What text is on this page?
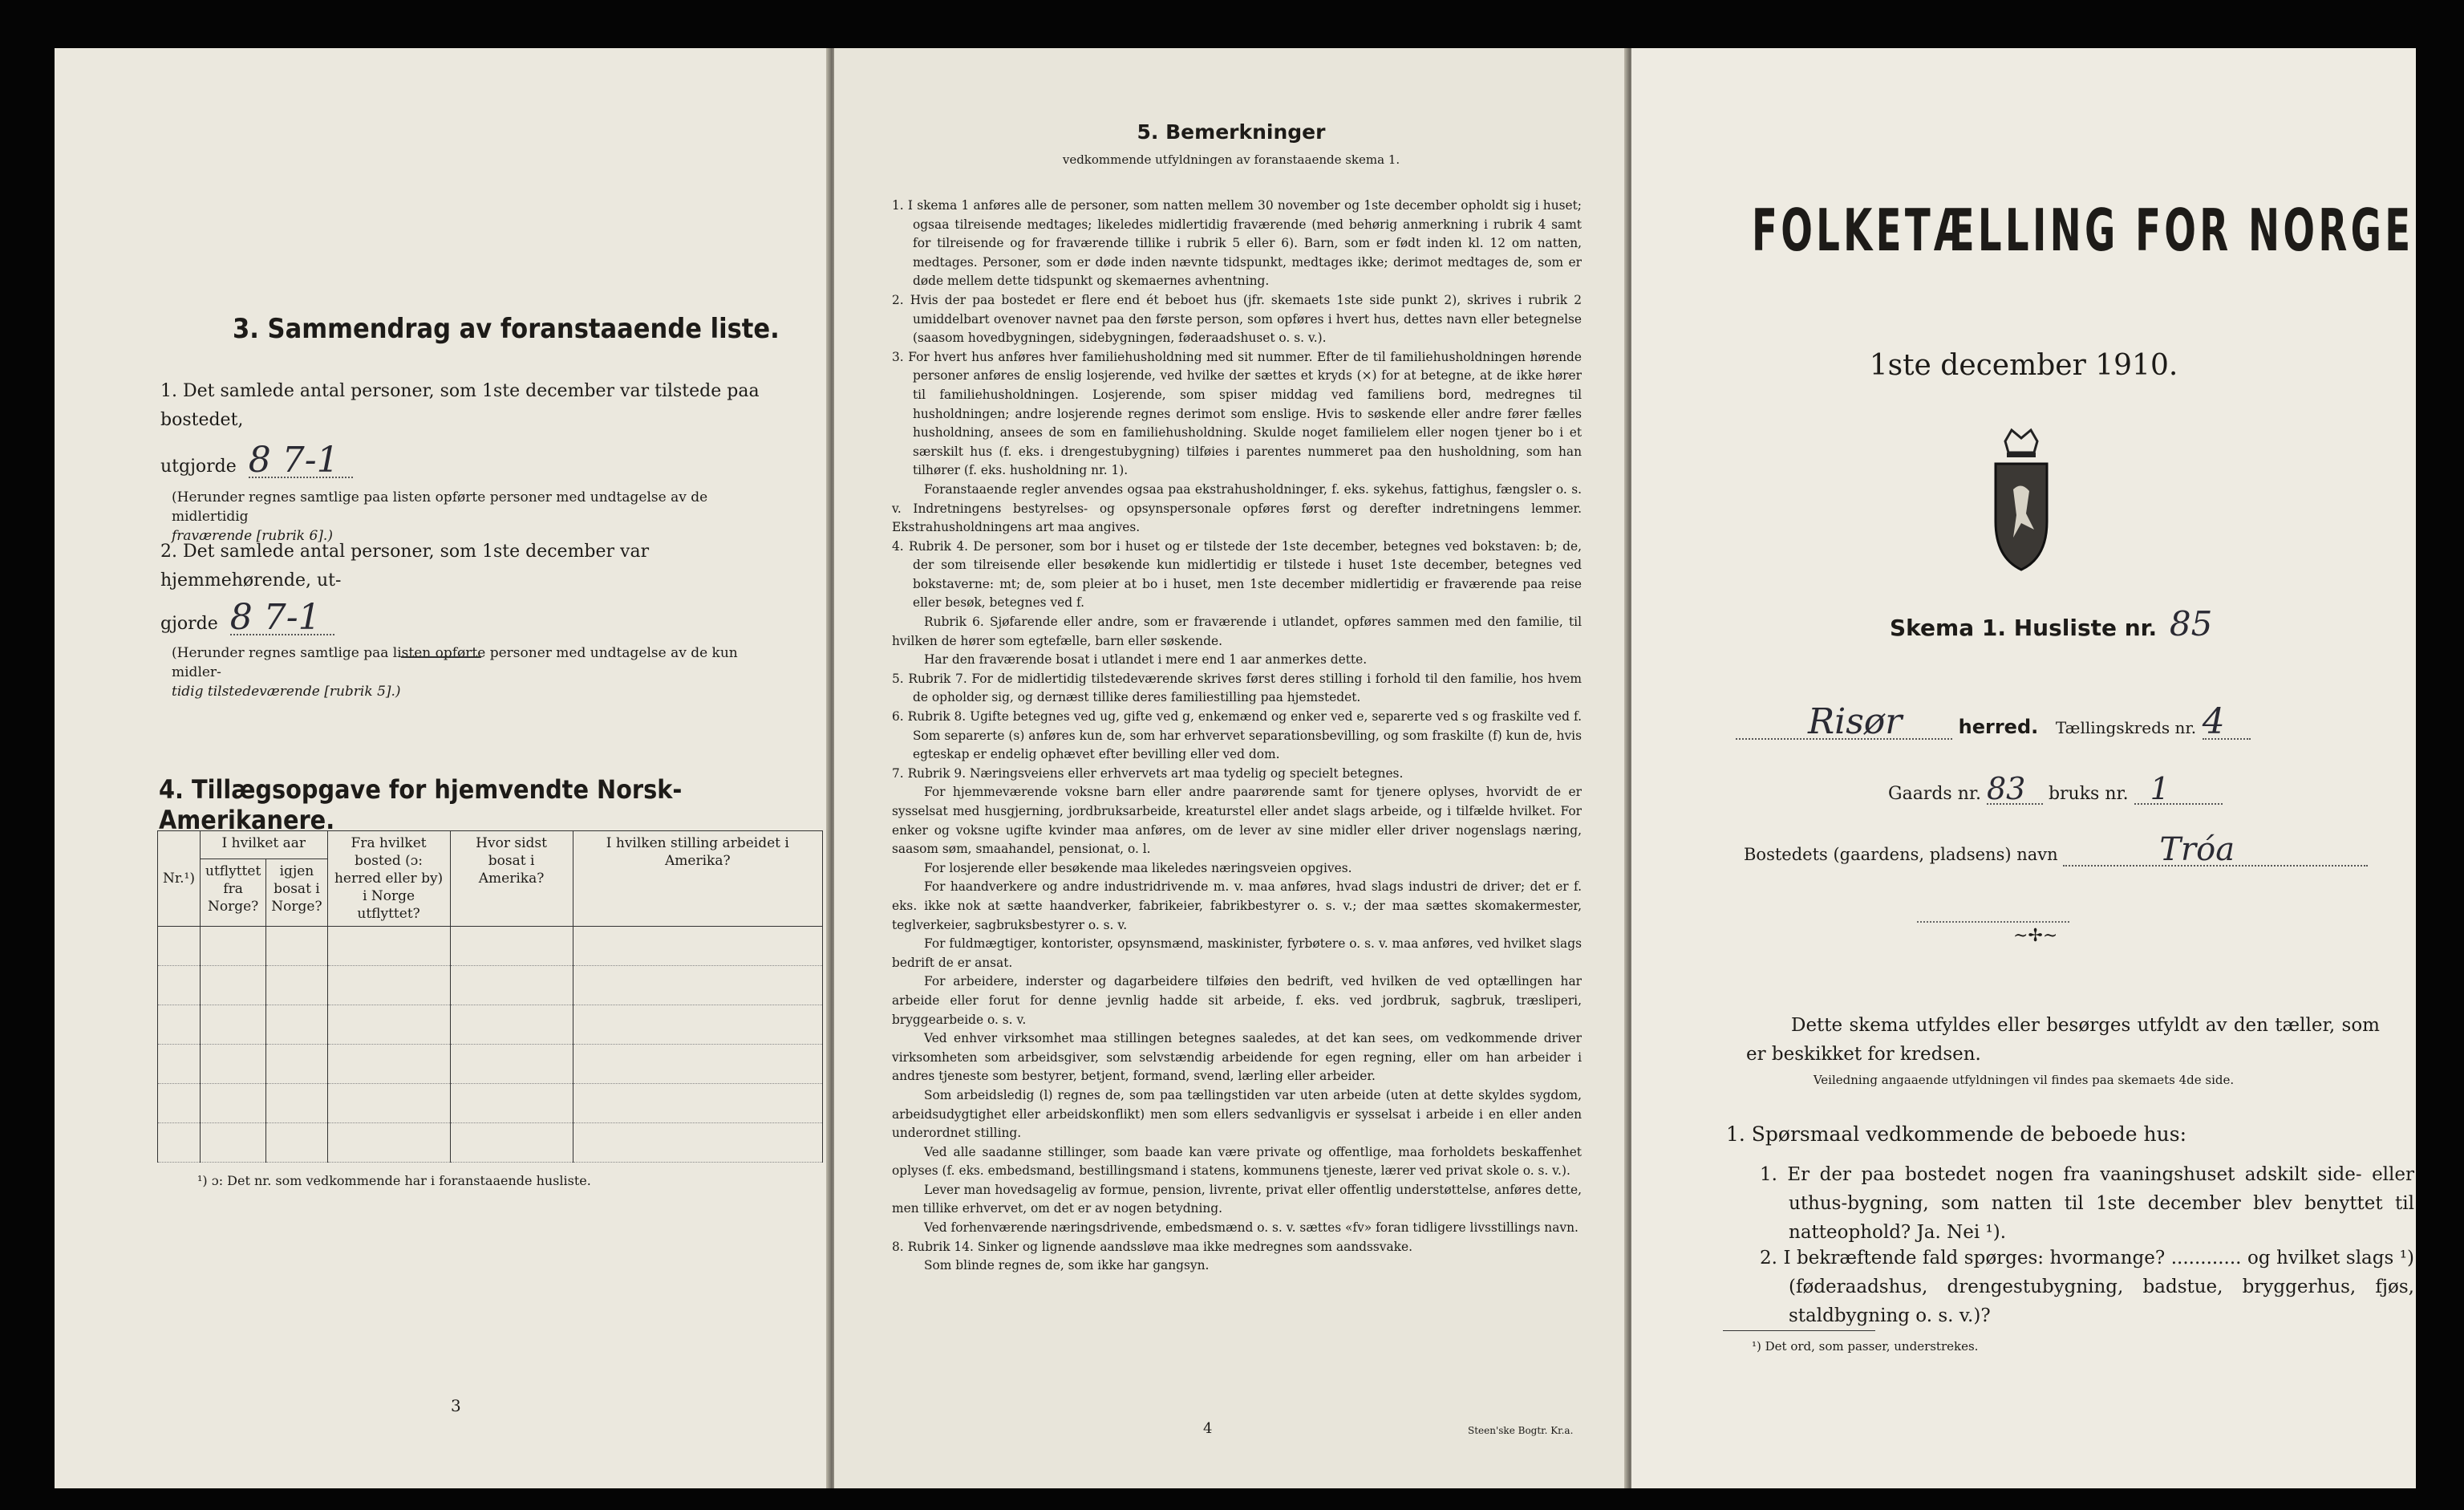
3. Sammendrag av foranstaaende liste.
1. Det samlede antal personer, som 1ste december var tilstede paa bostedet,
utgjorde 8 7-1
(Herunder regnes samtlige paa listen opførte personer med undtagelse av de midlertidig
fraværende [rubrik 6].)
2. Det samlede antal personer, som 1ste december var hjemmehørende, ut-
gjorde 8 7-1
(Herunder regnes samtlige paa listen opførte personer med undtagelse av de kun midler-
tidig tilstedeværende [rubrik 5].)
4. Tillægsopgave for hjemvendte Norsk-Amerikanere.
Nr.¹)	I hvilket aar		Fra hvilket bosted (ɔ: herred eller by) i Norge utflyttet?	Hvor sidst bosat i Amerika?	I hvilken stilling arbeidet i Amerika?
	utflyttet fra Norge?	igjen bosat i Norge?			

¹) ɔ: Det nr. som vedkommende har i foranstaaende husliste.
3
5. Bemerkninger
vedkommende utfyldningen av foranstaaende skema 1.

1. I skema 1 anføres alle de personer, som natten mellem 30 november og 1ste december opholdt sig i huset; ogsaa tilreisende medtages; likeledes midlertidig fraværende (med behørig anmerkning i rubrik 4 samt for tilreisende og for fraværende tillike i rubrik 5 eller 6). Barn, som er født inden kl. 12 om natten, medtages. Personer, som er døde inden nævnte tidspunkt, medtages ikke; derimot medtages de, som er døde mellem dette tidspunkt og skemaernes avhentning.

2. Hvis der paa bostedet er flere end ét beboet hus (jfr. skemaets 1ste side punkt 2), skrives i rubrik 2 umiddelbart ovenover navnet paa den første person, som opføres i hvert hus, dettes navn eller betegnelse (saasom hovedbygningen, sidebygningen, føderaadshuset o. s. v.).

3. For hvert hus anføres hver familiehusholdning med sit nummer. Efter de til familiehusholdningen hørende personer anføres de enslig losjerende, ved hvilke der sættes et kryds (×) for at betegne, at de ikke hører til familiehusholdningen. Losjerende, som spiser middag ved familiens bord, medregnes til husholdningen; andre losjerende regnes derimot som enslige. Hvis to søskende eller andre fører fælles husholdning, ansees de som en familiehusholdning. Skulde noget familielem eller nogen tjener bo i et særskilt hus (f. eks. i drengestubygning) tilføies i parentes nummeret paa den husholdning, som han tilhører (f. eks. husholdning nr. 1).

Foranstaaende regler anvendes ogsaa paa ekstrahusholdninger, f. eks. sykehus, fattighus, fængsler o. s. v. Indretningens bestyrelses- og opsynspersonale opføres først og derefter indretningens lemmer. Ekstrahusholdningens art maa angives.

4. Rubrik 4. De personer, som bor i huset og er tilstede der 1ste december, betegnes ved bokstaven: b; de, der som tilreisende eller besøkende kun midlertidig er tilstede i huset 1ste december, betegnes ved bokstaverne: mt; de, som pleier at bo i huset, men 1ste december midlertidig er fraværende paa reise eller besøk, betegnes ved f.

Rubrik 6. Sjøfarende eller andre, som er fraværende i utlandet, opføres sammen med den familie, til hvilken de hører som egtefælle, barn eller søskende.

Har den fraværende bosat i utlandet i mere end 1 aar anmerkes dette.

5. Rubrik 7. For de midlertidig tilstedeværende skrives først deres stilling i forhold til den familie, hos hvem de opholder sig, og dernæst tillike deres familiestilling paa hjemstedet.

6. Rubrik 8. Ugifte betegnes ved ug, gifte ved g, enkemænd og enker ved e, separerte ved s og fraskilte ved f. Som separerte (s) anføres kun de, som har erhvervet separationsbevilling, og som fraskilte (f) kun de, hvis egteskap er endelig ophævet efter bevilling eller ved dom.

7. Rubrik 9. Næringsveiens eller erhvervets art maa tydelig og specielt betegnes.

For hjemmeværende voksne barn eller andre paarørende samt for tjenere oplyses, hvorvidt de er sysselsat med husgjerning, jordbruksarbeide, kreaturstel eller andet slags arbeide, og i tilfælde hvilket. For enker og voksne ugifte kvinder maa anføres, om de lever av sine midler eller driver nogenslags næring, saasom søm, smaahandel, pensionat, o. l.

For losjerende eller besøkende maa likeledes næringsveien opgives.

For haandverkere og andre industridrivende m. v. maa anføres, hvad slags industri de driver; det er f. eks. ikke nok at sætte haandverker, fabrikeier, fabrikbestyrer o. s. v.; der maa sættes skomakermester, teglverkeier, sagbruksbestyrer o. s. v.

For fuldmægtiger, kontorister, opsynsmænd, maskinister, fyrbøtere o. s. v. maa anføres, ved hvilket slags bedrift de er ansat.

For arbeidere, inderster og dagarbeidere tilføies den bedrift, ved hvilken de ved optællingen har arbeide eller forut for denne jevnlig hadde sit arbeide, f. eks. ved jordbruk, sagbruk, træsliperi, bryggearbeide o. s. v.

Ved enhver virksomhet maa stillingen betegnes saaledes, at det kan sees, om vedkommende driver virksomheten som arbeidsgiver, som selvstændig arbeidende for egen regning, eller om han arbeider i andres tjeneste som bestyrer, betjent, formand, svend, lærling eller arbeider.

Som arbeidsledig (l) regnes de, som paa tællingstiden var uten arbeide (uten at dette skyldes sygdom, arbeidsudygtighet eller arbeidskonflikt) men som ellers sedvanligvis er sysselsat i arbeide i en eller anden underordnet stilling.

Ved alle saadanne stillinger, som baade kan være private og offentlige, maa forholdets beskaffenhet oplyses (f. eks. embedsmand, bestillingsmand i statens, kommunens tjeneste, lærer ved privat skole o. s. v.).

Lever man hovedsagelig av formue, pension, livrente, privat eller offentlig understøttelse, anføres dette, men tillike erhvervet, om det er av nogen betydning.

Ved forhenværende næringsdrivende, embedsmænd o. s. v. sættes «fv» foran tidligere livsstillings navn.

8. Rubrik 14. Sinker og lignende aandssløve maa ikke medregnes som aandssvake.

Som blinde regnes de, som ikke har gangsyn.

4	Steen'ske Bogtr. Kr.a.
FOLKETÆLLING FOR NORGE
1ste december 1910.
Skema 1. Husliste nr. 85
Risør	herred. Tællingskreds nr. 4
Gaards nr. 83 bruks nr. 1
Bostedets (gaardens, pladsens) navn	Tróa
~✢~
Dette skema utfyldes eller besørges utfyldt av den tæller, som er beskikket for kredsen.
Veiledning angaaende utfyldningen vil findes paa skemaets 4de side.
1. Spørsmaal vedkommende de beboede hus:
1. Er der paa bostedet nogen fra vaaningshuset adskilt side- eller uthus-bygning, som natten til 1ste december blev benyttet til natteophold? Ja. Nei ¹).
2. I bekræftende fald spørges: hvormange? ............ og hvilket slags ¹) (føderaadshus, drengestubygning, badstue, bryggerhus, fjøs, staldbygning o. s. v.)?
¹) Det ord, som passer, understrekes.
